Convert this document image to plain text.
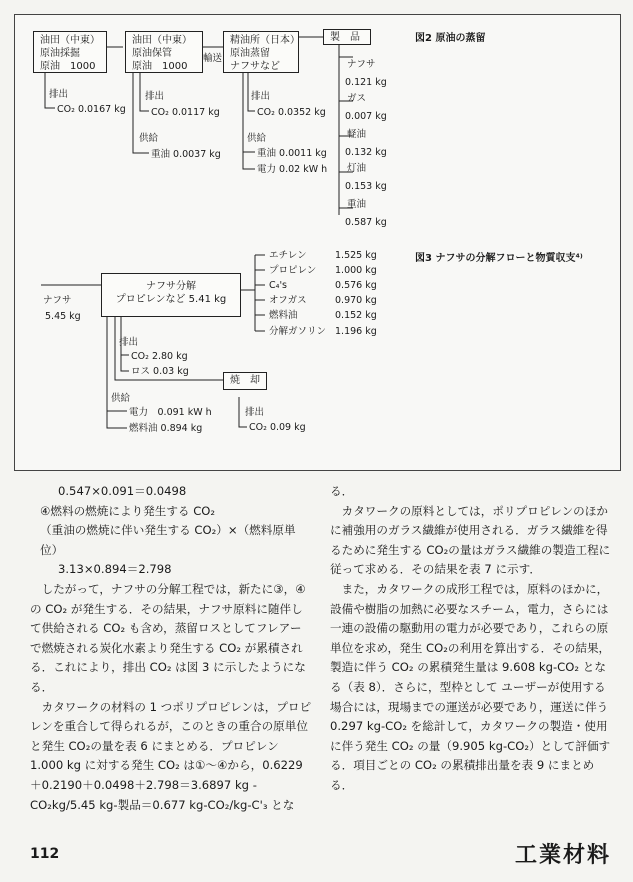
油田（中東）
原油採掘
原油　1000
油田（中東）
原油保管
原油　1000
精油所（日本）
原油蒸留
ナフサなど
輸送
製　品	図2 原油の蒸留
排出
CO₂ 0.0167 kg
排出
CO₂ 0.0117 kg
供給
重油 0.0037 kg
排出
CO₂ 0.0352 kg
供給
重油 0.0011 kg
電力 0.02 kW h
ナフサ
0.121 kg
ガス
0.007 kg
軽油
0.132 kg
灯油
0.153 kg
重油
0.587 kg
ナフサ
5.45 kg
ナフサ分解
プロピレンなど 5.41 kg
図3 ナフサの分解フローと物質収支⁴⁾
エチレン	1.525 kg
プロピレン 1.000 kg
C₄'s	0.576 kg
オフガス	0.970 kg
燃料油	0.152 kg
分解ガソリン 1.196 kg
排出
CO₂ 2.80 kg
ロス 0.03 kg
焼　却
排出
CO₂ 0.09 kg
供給
電力　0.091 kW h
燃料油 0.894 kg

0.547×0.091＝0.0498

④燃料の燃焼により発生する CO₂

（重油の燃焼に伴い発生する CO₂）×（燃料原単位）

3.13×0.894＝2.798

したがって，ナフサの分解工程では，新たに③，④の CO₂ が発生する．その結果，ナフサ原料に随伴して供給される CO₂ も含め，蒸留ロスとしてフレアーで燃焼される炭化水素より発生する CO₂ が累積される．これにより，排出 CO₂ は図 3 に示したようになる．

カタワークの材料の 1 つポリプロピレンは，プロピレンを重合して得られるが，このときの重合の原単位と発生 CO₂の量を表 6 にまとめる．プロピレン 1.000 kg に対する発生 CO₂ は①〜④から，0.6229＋0.2190＋0.0498＋2.798＝3.6897 kg - CO₂kg/5.45 kg-製品＝0.677 kg-CO₂/kg-C'₃ とな

る．

カタワークの原料としては，ポリプロピレンのほかに補強用のガラス繊維が使用される．ガラス繊維を得るために発生する CO₂の量はガラス繊維の製造工程に従って求める．その結果を表 7 に示す．

また，カタワークの成形工程では，原料のほかに，設備や樹脂の加熱に必要なスチーム，電力，さらには一連の設備の駆動用の電力が必要であり，これらの原単位を求め，発生 CO₂の利用を算出する．その結果，製造に伴う CO₂ の累積発生量は 9.608 kg-CO₂ となる（表 8）．さらに，型枠として ユーザーが使用する場合には，現場までの運送が必要であり，運送に伴う 0.297 kg-CO₂ を総計して，カタワークの製造・使用に伴う発生 CO₂ の量（9.905 kg-CO₂）として評価する．項目ごとの CO₂ の累積排出量を表 9 にまとめる．

112	工業材料
